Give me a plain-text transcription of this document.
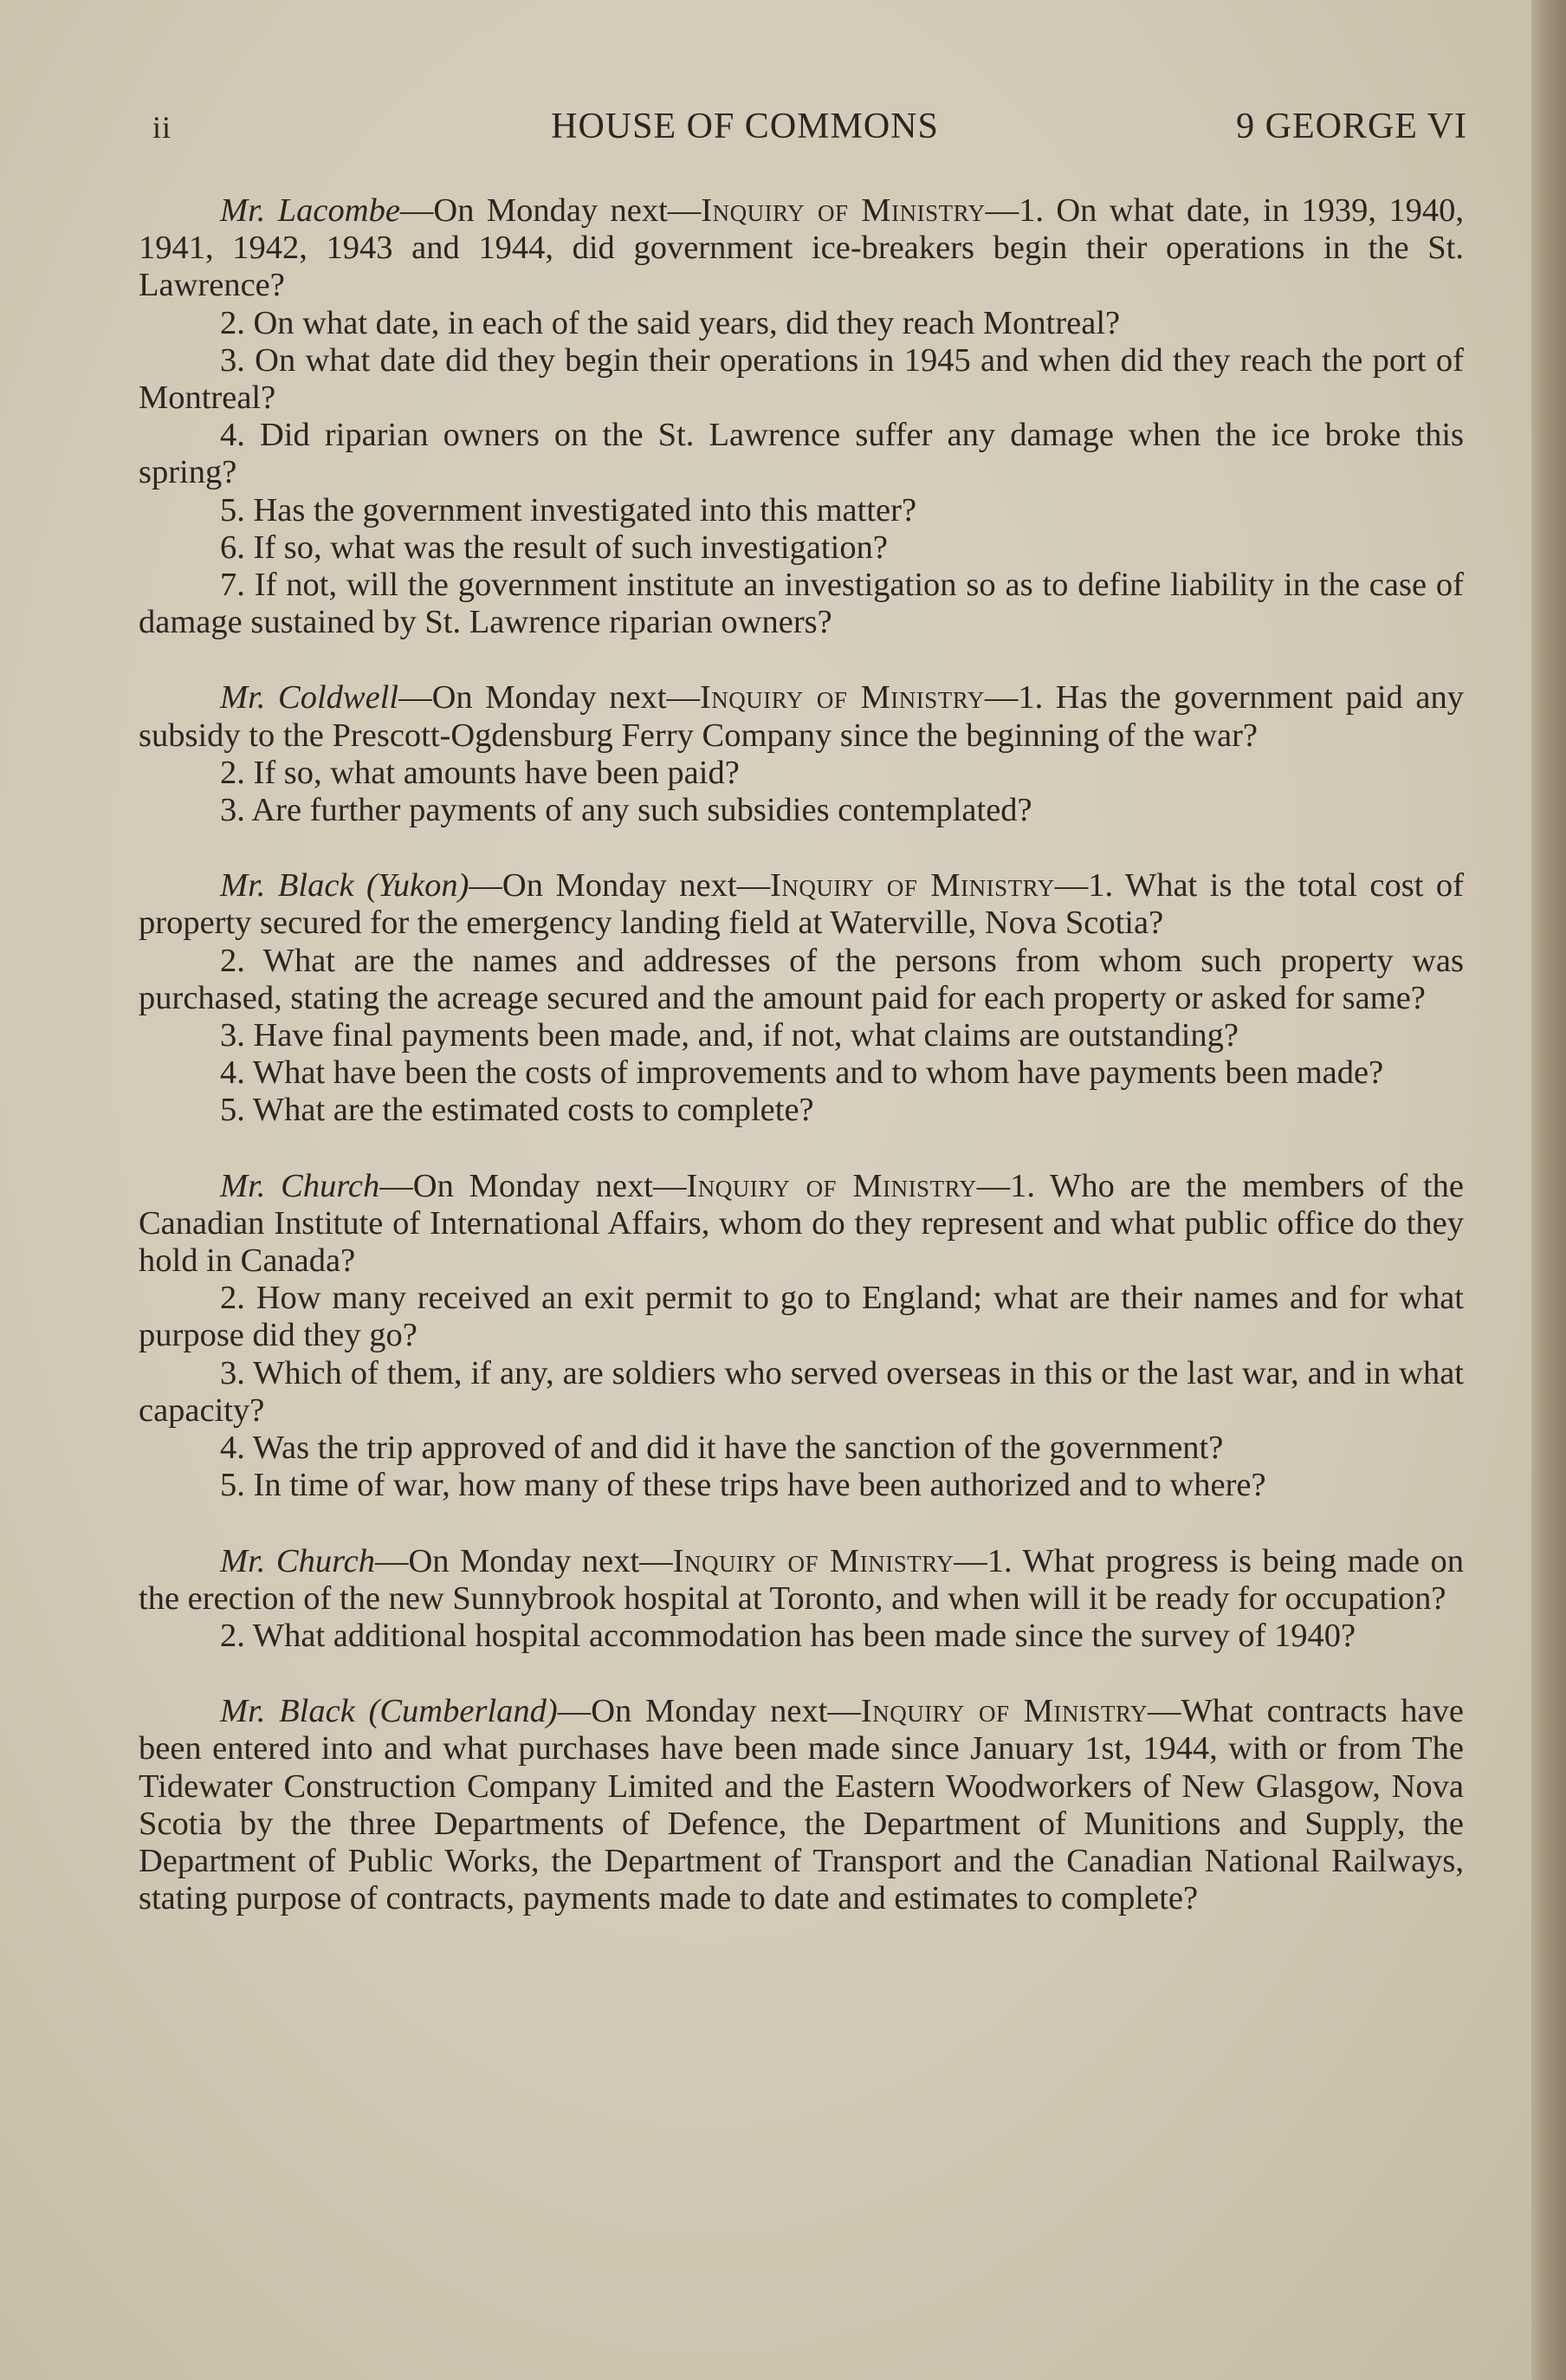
ii	HOUSE OF COMMONS	9 GEORGE VI

Mr. Lacombe—On Monday next—Inquiry of Ministry—1. On what date, in 1939, 1940, 1941, 1942, 1943 and 1944, did government ice-breakers begin their operations in the St. Lawrence?

2. On what date, in each of the said years, did they reach Montreal?

3. On what date did they begin their operations in 1945 and when did they reach the port of Montreal?

4. Did riparian owners on the St. Lawrence suffer any damage when the ice broke this spring?

5. Has the government investigated into this matter?

6. If so, what was the result of such investigation?

7. If not, will the government institute an investigation so as to define liability in the case of damage sustained by St. Lawrence riparian owners?

Mr. Coldwell—On Monday next—Inquiry of Ministry—1. Has the government paid any subsidy to the Prescott-Ogdensburg Ferry Company since the beginning of the war?

2. If so, what amounts have been paid?

3. Are further payments of any such subsidies contemplated?

Mr. Black (Yukon)—On Monday next—Inquiry of Ministry—1. What is the total cost of property secured for the emergency landing field at Waterville, Nova Scotia?

2. What are the names and addresses of the persons from whom such property was purchased, stating the acreage secured and the amount paid for each property or asked for same?

3. Have final payments been made, and, if not, what claims are outstanding?

4. What have been the costs of improvements and to whom have payments been made?

5. What are the estimated costs to complete?

Mr. Church—On Monday next—Inquiry of Ministry—1. Who are the members of the Canadian Institute of International Affairs, whom do they represent and what public office do they hold in Canada?

2. How many received an exit permit to go to England; what are their names and for what purpose did they go?

3. Which of them, if any, are soldiers who served overseas in this or the last war, and in what capacity?

4. Was the trip approved of and did it have the sanction of the government?

5. In time of war, how many of these trips have been authorized and to where?

Mr. Church—On Monday next—Inquiry of Ministry—1. What progress is being made on the erection of the new Sunnybrook hospital at Toronto, and when will it be ready for occupation?

2. What additional hospital accommodation has been made since the survey of 1940?

Mr. Black (Cumberland)—On Monday next—Inquiry of Ministry—What contracts have been entered into and what purchases have been made since January 1st, 1944, with or from The Tidewater Construction Company Limited and the Eastern Woodworkers of New Glasgow, Nova Scotia by the three Departments of Defence, the Department of Munitions and Supply, the Department of Public Works, the Department of Transport and the Canadian National Railways, stating purpose of contracts, payments made to date and estimates to complete?
